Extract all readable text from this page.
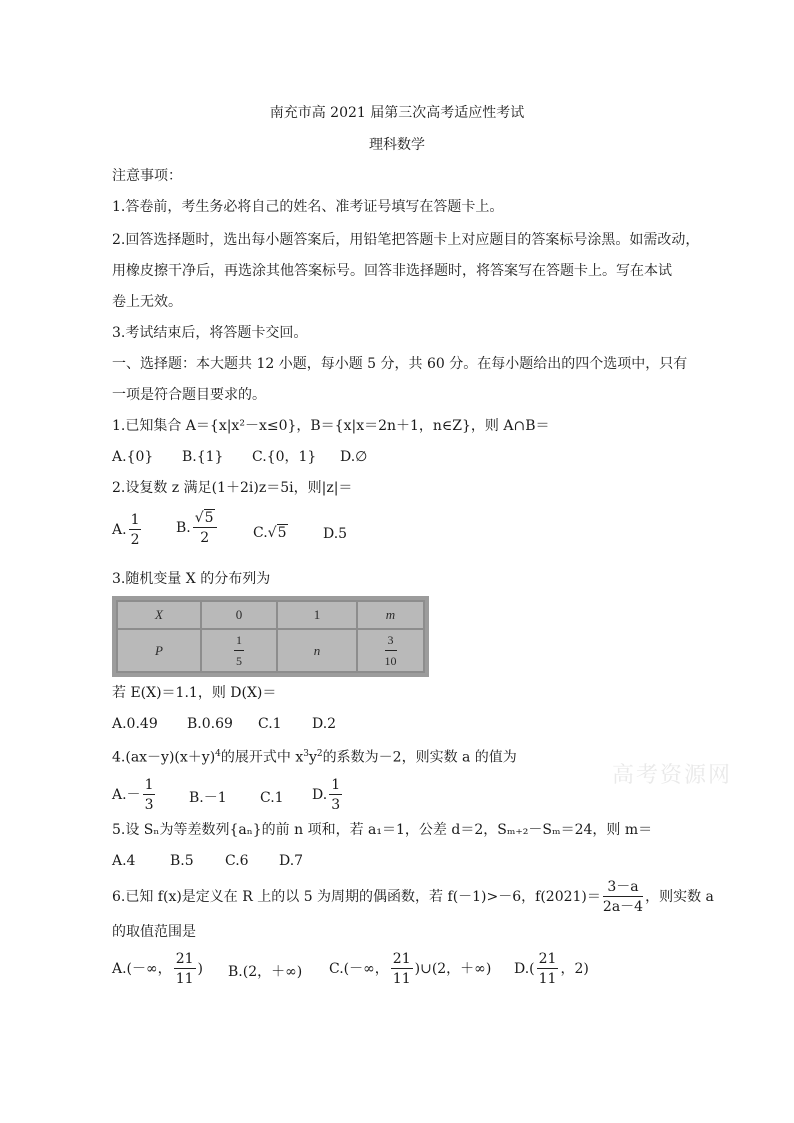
南充市高 2021 届第三次高考适应性考试
理科数学
注意事项：
1.答卷前，考生务必将自己的姓名、准考证号填写在答题卡上。
2.回答选择题时，选出每小题答案后，用铅笔把答题卡上对应题目的答案标号涂黑。如需改动，
用橡皮擦干净后，再选涂其他答案标号。回答非选择题时，将答案写在答题卡上。写在本试
卷上无效。
3.考试结束后，将答题卡交回。
一、选择题：本大题共 12 小题，每小题 5 分，共 60 分。在每小题给出的四个选项中，只有
一项是符合题目要求的。
1.已知集合 A＝{x|x²－x≤0}，B＝{x|x＝2n＋1，n∈Z}，则 A∩B＝
A.{0} B.{1} C.{0，1} D.∅
2.设复数 z 满足(1＋2i)z＝5i，则|z|＝
A. $\frac{1}{2} B$. $\frac{√5}{2}$	C.√5	D.5
3.随机变量 X 的分布列为
X	0	1	m
P	$\frac{1}{5}$	n	$\frac{3}{10}$
若 E(X)＝1.1，则 D(X)＝
A.0.49 B.0.69 C.1 D.2
$4.(ax-y)(x+y)^4$的展开式中 $x^3y^2$的系数为－2，则实数 a 的值为
$A.- \frac{1}{3} B.-1$ C.1 D. $\frac{1}{3}$
5.设 Sₙ为等差数列{aₙ}的前 n 项和，若 a₁＝1，公差 d＝2，Sₘ₊₂－Sₘ＝24，则 m＝
A.4 B.5 C.6 D.7
6.已知 f(x)是定义在 R 上的以 5 为周期的偶函数，若 f(－1)>－6，$f(2021)= \frac{3-a}{2a-4}$ ，则实数 a
的取值范围是
A.(－∞， $\frac{21}{11}$ ) B.(2，＋∞) C.(－∞， $\frac{21}{11}$ )∪(2，＋∞) $D.( \frac{21}{11}$ ，2)
高考资源网
